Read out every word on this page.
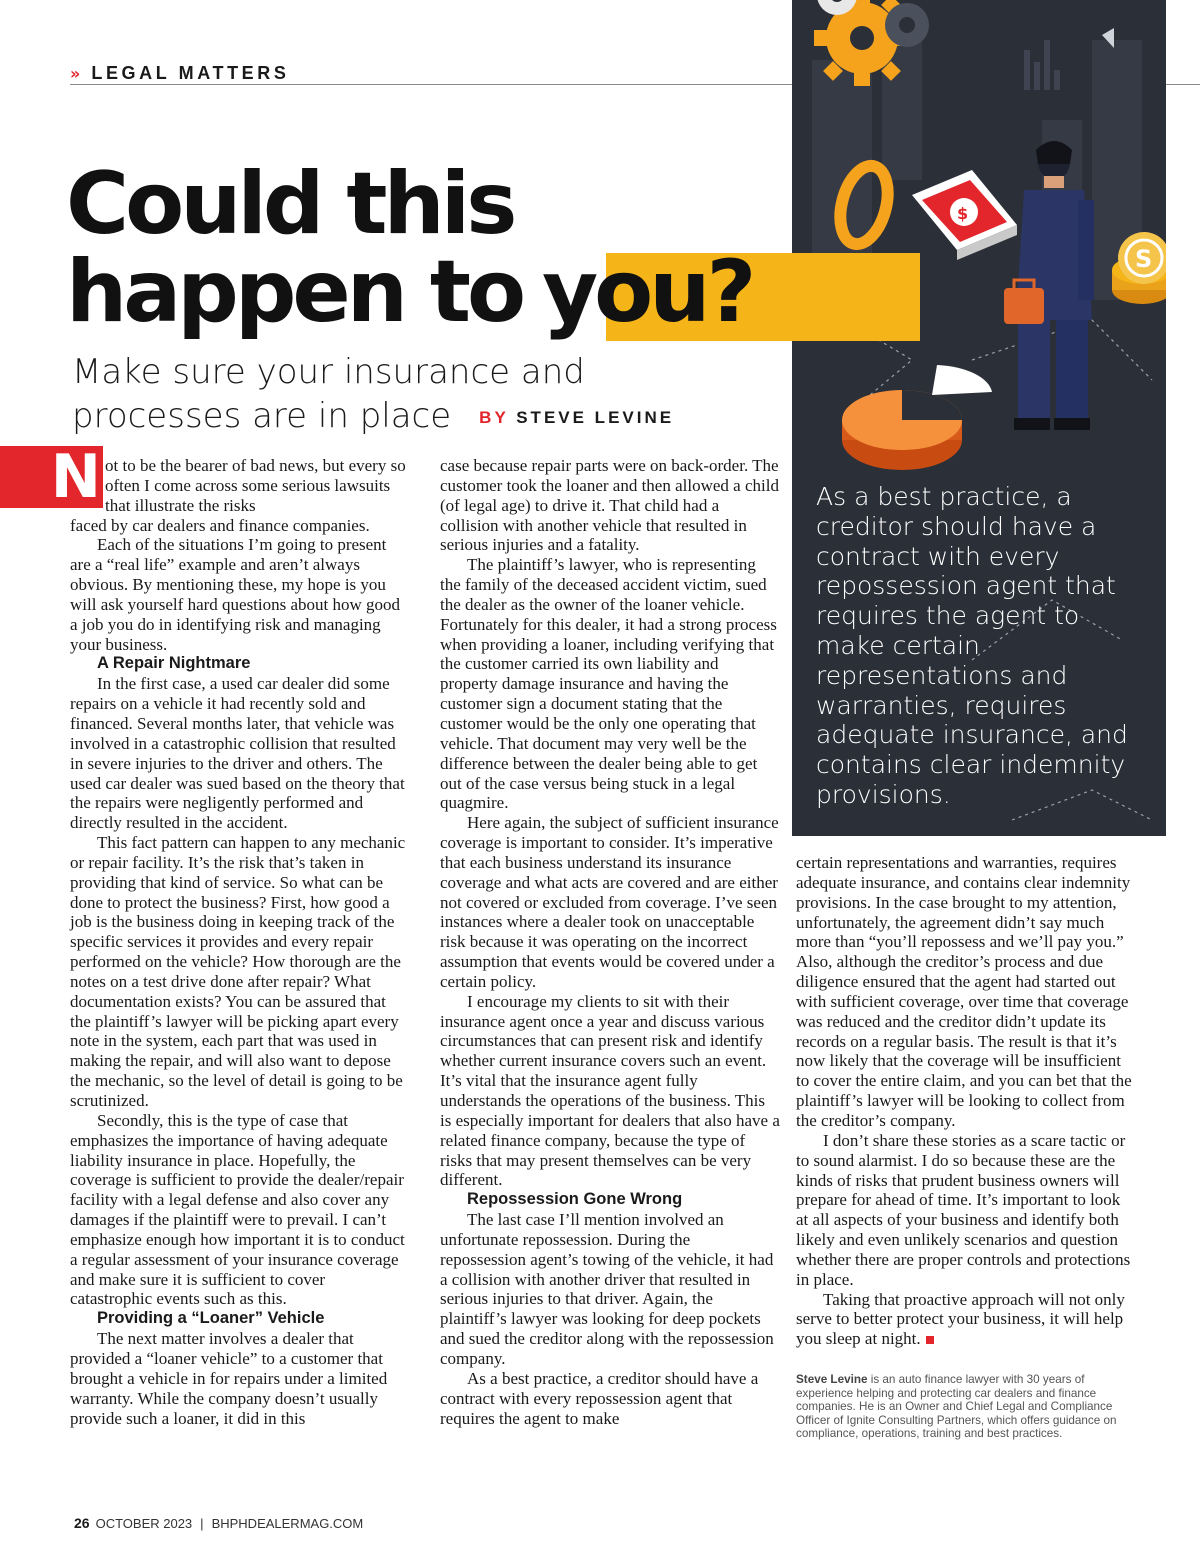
» LEGAL MATTERS
$
S
As a best practice, a creditor should have a contract with every repossession agent that requires the agent to make certain representations and warranties, requires adequate insurance, and contains clear indemnity provisions.
Could this
happen to you?
Make sure your insurance and
processes are in place BY STEVE LEVINE
N ot to be the bearer of bad news, but every so often I come across some serious lawsuits that illustrate the risks
faced by car dealers and finance companies.

Each of the situations I’m going to present are a “real life” example and aren’t always obvious. By mentioning these, my hope is you will ask yourself hard questions about how good a job you do in identifying risk and managing your business.

A Repair Nightmare

In the first case, a used car dealer did some repairs on a vehicle it had recently sold and financed. Several months later, that vehicle was involved in a catastrophic collision that resulted in severe injuries to the driver and others. The used car dealer was sued based on the theory that the repairs were negligently performed and directly resulted in the accident.

This fact pattern can happen to any mechanic or repair facility. It’s the risk that’s taken in providing that kind of service. So what can be done to protect the business? First, how good a job is the business doing in keeping track of the specific services it provides and every repair performed on the vehicle? How thorough are the notes on a test drive done after repair? What documentation exists? You can be assured that the plaintiff’s lawyer will be picking apart every note in the system, each part that was used in making the repair, and will also want to depose the mechanic, so the level of detail is going to be scrutinized.

Secondly, this is the type of case that emphasizes the importance of having adequate liability insurance in place. Hopefully, the coverage is sufficient to provide the dealer/repair facility with a legal defense and also cover any damages if the plaintiff were to prevail. I can’t emphasize enough how important it is to conduct a regular assessment of your insurance coverage and make sure it is sufficient to cover catastrophic events such as this.

Providing a “Loaner” Vehicle

The next matter involves a dealer that provided a “loaner vehicle” to a customer that brought a vehicle in for repairs under a limited warranty. While the company doesn’t usually provide such a loaner, it did in this

case because repair parts were on back-order. The customer took the loaner and then allowed a child (of legal age) to drive it. That child had a collision with another vehicle that resulted in serious injuries and a fatality.

The plaintiff’s lawyer, who is representing the family of the deceased accident victim, sued the dealer as the owner of the loaner vehicle. Fortunately for this dealer, it had a strong process when providing a loaner, including verifying that the customer carried its own liability and property damage insurance and having the customer sign a document stating that the customer would be the only one operating that vehicle. That document may very well be the difference between the dealer being able to get out of the case versus being stuck in a legal quagmire.

Here again, the subject of sufficient insurance coverage is important to consider. It’s imperative that each business understand its insurance coverage and what acts are covered and are either not covered or excluded from coverage. I’ve seen instances where a dealer took on unacceptable risk because it was operating on the incorrect assumption that events would be covered under a certain policy.

I encourage my clients to sit with their insurance agent once a year and discuss various circumstances that can present risk and identify whether current insurance covers such an event. It’s vital that the insurance agent fully understands the operations of the business. This is especially important for dealers that also have a related finance company, because the type of risks that may present themselves can be very different.

Repossession Gone Wrong

The last case I’ll mention involved an unfortunate repossession. During the repossession agent’s towing of the vehicle, it had a collision with another driver that resulted in serious injuries to that driver. Again, the plaintiff’s lawyer was looking for deep pockets and sued the creditor along with the repossession company.

As a best practice, a creditor should have a contract with every repossession agent that requires the agent to make

certain representations and warranties, requires adequate insurance, and contains clear indemnity provisions. In the case brought to my attention, unfortunately, the agreement didn’t say much more than “you’ll repossess and we’ll pay you.” Also, although the creditor’s process and due diligence ensured that the agent had started out with sufficient coverage, over time that coverage was reduced and the creditor didn’t update its records on a regular basis. The result is that it’s now likely that the coverage will be insufficient to cover the entire claim, and you can bet that the plaintiff’s lawyer will be looking to collect from the creditor’s company.

I don’t share these stories as a scare tactic or to sound alarmist. I do so because these are the kinds of risks that prudent business owners will prepare for ahead of time. It’s important to look at all aspects of your business and identify both likely and even unlikely scenarios and question whether there are proper controls and protections in place.

Taking that proactive approach will not only serve to better protect your business, it will help you sleep at night.

Steve Levine is an auto finance lawyer with 30 years of experience helping and protecting car dealers and finance companies. He is an Owner and Chief Legal and Compliance Officer of Ignite Consulting Partners, which offers guidance on compliance, operations, training and best practices.
26 OCTOBER 2023 | BHPHDEALERMAG.COM
